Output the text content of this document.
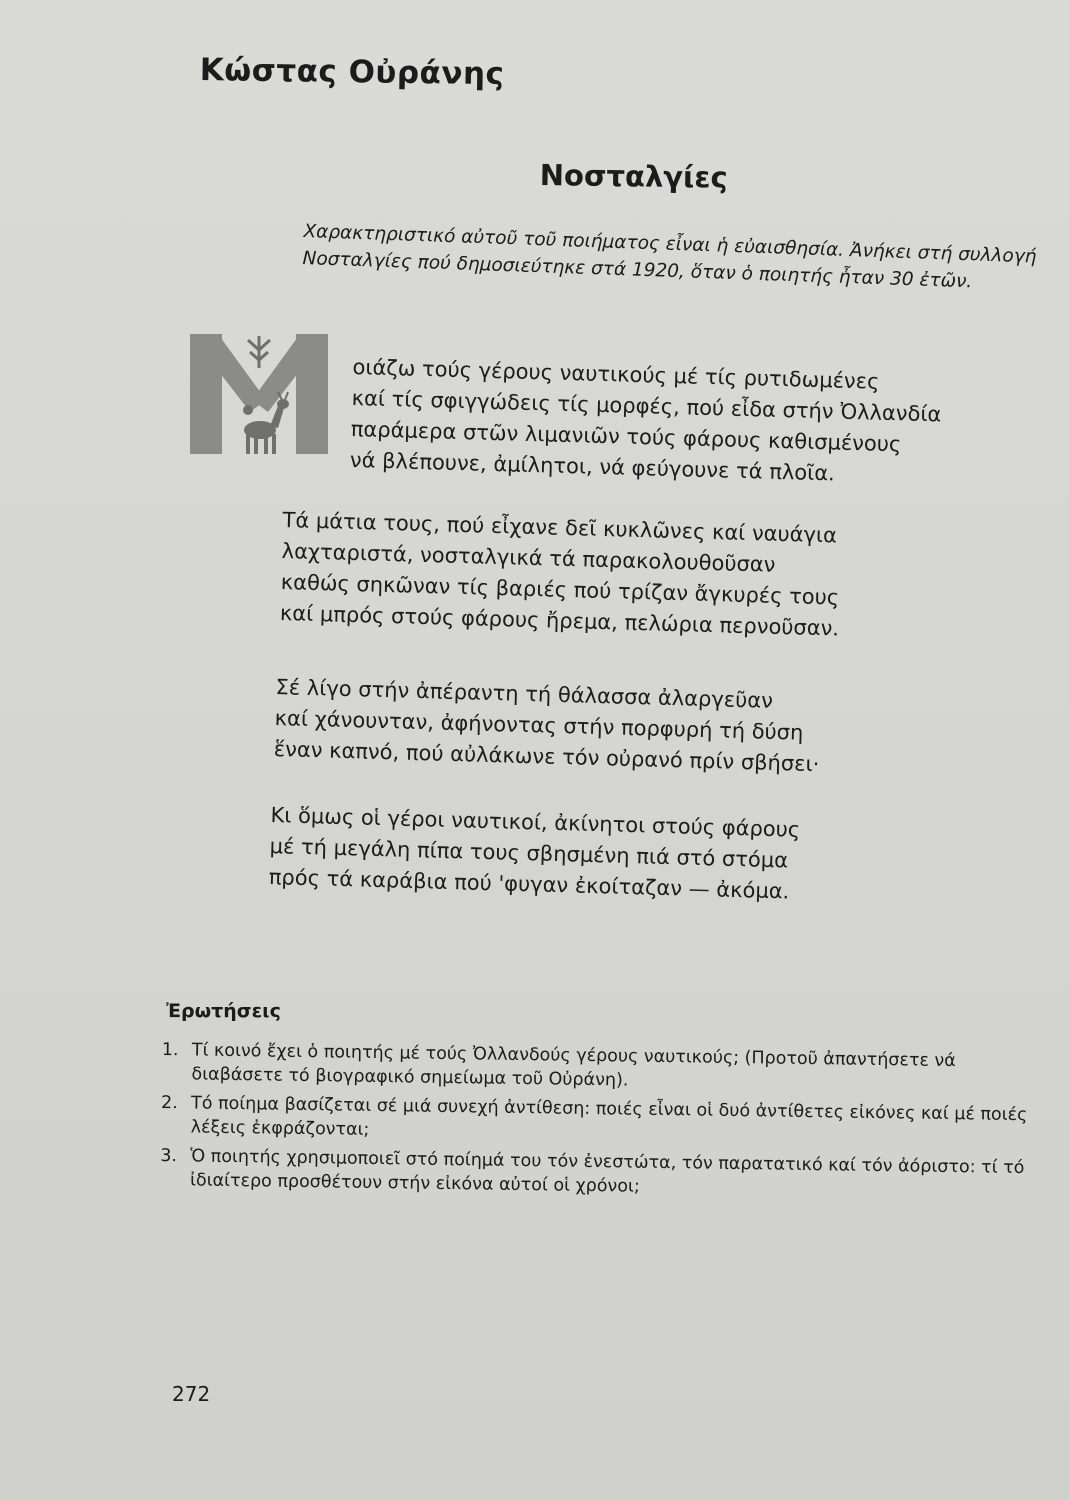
Κώστας Οὐράνης
Νοσταλγίες
Χαρακτηριστικό αὐτοῦ τοῦ ποιήματος εἶναι ἡ εὐαισθησία. Ἀνήκει στή συλλογή Νοσταλγίες πού δημοσιεύτηκε στά 1920, ὅταν ὁ ποιητής ἦταν 30 ἐτῶν.
οιάζω τούς γέρους ναυτικούς μέ τίς ρυτιδωμένες
καί τίς σφιγγώδεις τίς μορφές, πού εἶδα στήν Ὀλλανδία
παράμερα στῶν λιμανιῶν τούς φάρους καθισμένους
νά βλέπουνε, ἀμίλητοι, νά φεύγουνε τά πλοῖα.
Τά μάτια τους, πού εἶχανε δεῖ κυκλῶνες καί ναυάγια
λαχταριστά, νοσταλγικά τά παρακολουθοῦσαν
καθώς σηκῶναν τίς βαριές πού τρίζαν ἄγκυρές τους
καί μπρός στούς φάρους ἤρεμα, πελώρια περνοῦσαν.
Σέ λίγο στήν ἀπέραντη τή θάλασσα ἀλαργεῦαν
καί χάνουνταν, ἀφήνοντας στήν πορφυρή τή δύση
ἕναν καπνό, πού αὐλάκωνε τόν οὐρανό πρίν σβήσει·
Κι ὅμως οἱ γέροι ναυτικοί, ἀκίνητοι στούς φάρους
μέ τή μεγάλη πίπα τους σβησμένη πιά στό στόμα
πρός τά καράβια πού 'φυγαν ἐκοίταζαν — ἀκόμα.
Ἐρωτήσεις
1. Τί κοινό ἔχει ὁ ποιητής μέ τούς Ὀλλανδούς γέρους ναυτικούς; (Προτοῦ ἀπαντήσετε νά διαβάσετε τό βιογραφικό σημείωμα τοῦ Οὐράνη).
2. Τό ποίημα βασίζεται σέ μιά συνεχή ἀντίθεση: ποιές εἶναι οἱ δυό ἀντίθετες εἰκόνες καί μέ ποιές λέξεις ἐκφράζονται;
3. Ὁ ποιητής χρησιμοποιεῖ στό ποίημά του τόν ἐνεστώτα, τόν παρατατικό καί τόν ἀόριστο: τί τό ἰδιαίτερο προσθέτουν στήν εἰκόνα αὐτοί οἱ χρόνοι;
272
